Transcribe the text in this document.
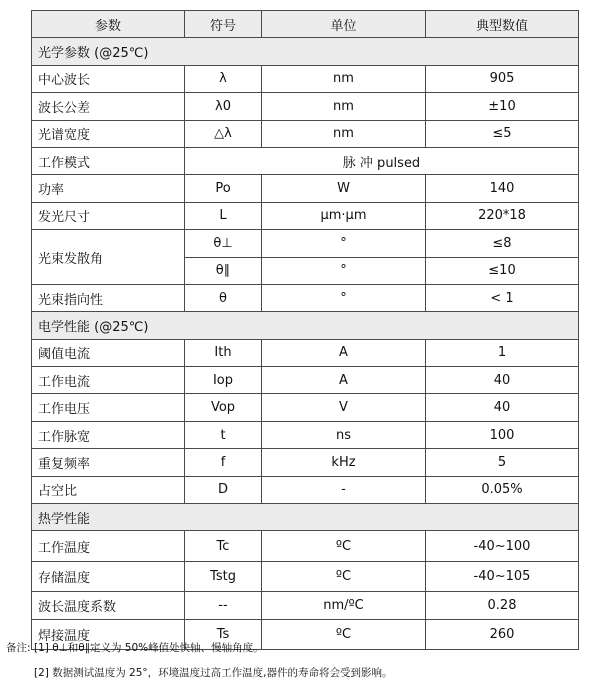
参数	符号	单位	典型数值
光学参数 (@25℃)			
中心波长	λ	nm	905
波长公差	λ0	nm	±10
光谱宽度	△λ	nm	≤5
工作模式	脉 冲 pulsed		
功率	Po	W	140
发光尺寸	L	μm·μm	220*18
光束发散角	θ⊥	°	≤8
	θ∥	°	≤10
光束指向性	θ	°	< 1
电学性能 (@25℃)			
阈值电流	Ith	A	1
工作电流	Iop	A	40
工作电压	Vop	V	40
工作脉宽	t	ns	100
重复频率	f	kHz	5
占空比	D	-	0.05%
热学性能			
工作温度	Tc	ºC	-40~100
存储温度	Tstg	ºC	-40~105
波长温度系数	--	nm/ºC	0.28
焊接温度	Ts	ºC	260
备注: [1] θ⊥和θ∥定义为 50%峰值处快轴、慢轴角度。
[2] 数据测试温度为 25°，环境温度过高工作温度,器件的寿命将会受到影响。
